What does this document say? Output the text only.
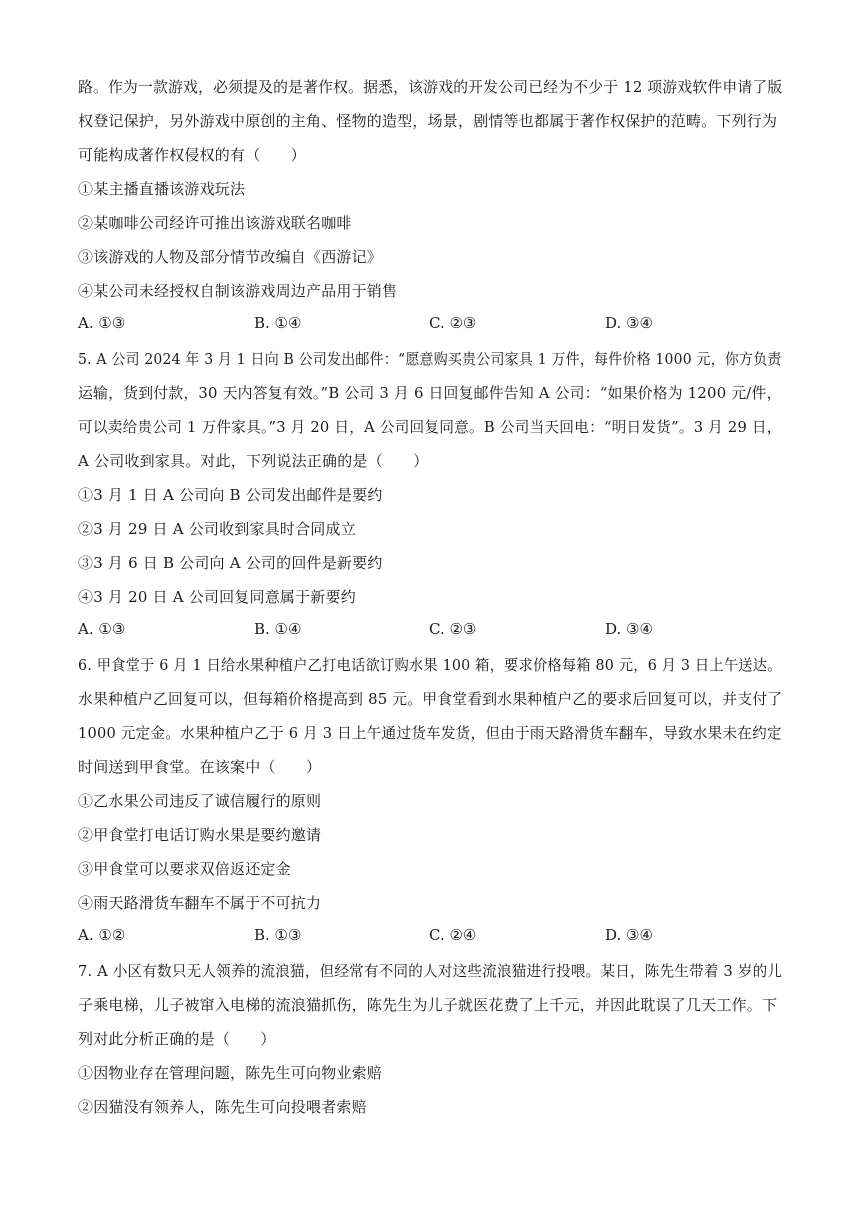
路。作为一款游戏，必须提及的是著作权。据悉，该游戏的开发公司已经为不少于 12 项游戏软件申请了版
权登记保护，另外游戏中原创的主角、怪物的造型，场景，剧情等也都属于著作权保护的范畴。下列行为
可能构成著作权侵权的有（　　）
①某主播直播该游戏玩法
②某咖啡公司经许可推出该游戏联名咖啡
③该游戏的人物及部分情节改编自《西游记》
④某公司未经授权自制该游戏周边产品用于销售
A. ①③	B. ①④	C. ②③	D. ③④
5. A 公司 2024 年 3 月 1 日向 B 公司发出邮件：“愿意购买贵公司家具 1 万件，每件价格 1000 元，你方负责
运输，货到付款，30 天内答复有效。”B 公司 3 月 6 日回复邮件告知 A 公司：“如果价格为 1200 元/件，
可以卖给贵公司 1 万件家具。”3 月 20 日，A 公司回复同意。B 公司当天回电：“明日发货”。3 月 29 日，
A 公司收到家具。对此，下列说法正确的是（　　）
①3 月 1 日 A 公司向 B 公司发出邮件是要约
②3 月 29 日 A 公司收到家具时合同成立
③3 月 6 日 B 公司向 A 公司的回件是新要约
④3 月 20 日 A 公司回复同意属于新要约
A. ①③	B. ①④	C. ②③	D. ③④
6. 甲食堂于 6 月 1 日给水果种植户乙打电话欲订购水果 100 箱，要求价格每箱 80 元，6 月 3 日上午送达。
水果种植户乙回复可以，但每箱价格提高到 85 元。甲食堂看到水果种植户乙的要求后回复可以，并支付了
1000 元定金。水果种植户乙于 6 月 3 日上午通过货车发货，但由于雨天路滑货车翻车，导致水果未在约定
时间送到甲食堂。在该案中（　　）
①乙水果公司违反了诚信履行的原则
②甲食堂打电话订购水果是要约邀请
③甲食堂可以要求双倍返还定金
④雨天路滑货车翻车不属于不可抗力
A. ①②	B. ①③	C. ②④	D. ③④
7. A 小区有数只无人领养的流浪猫，但经常有不同的人对这些流浪猫进行投喂。某日，陈先生带着 3 岁的儿
子乘电梯，儿子被窜入电梯的流浪猫抓伤，陈先生为儿子就医花费了上千元，并因此耽误了几天工作。下
列对此分析正确的是（　　）
①因物业存在管理问题，陈先生可向物业索赔
②因猫没有领养人，陈先生可向投喂者索赔
